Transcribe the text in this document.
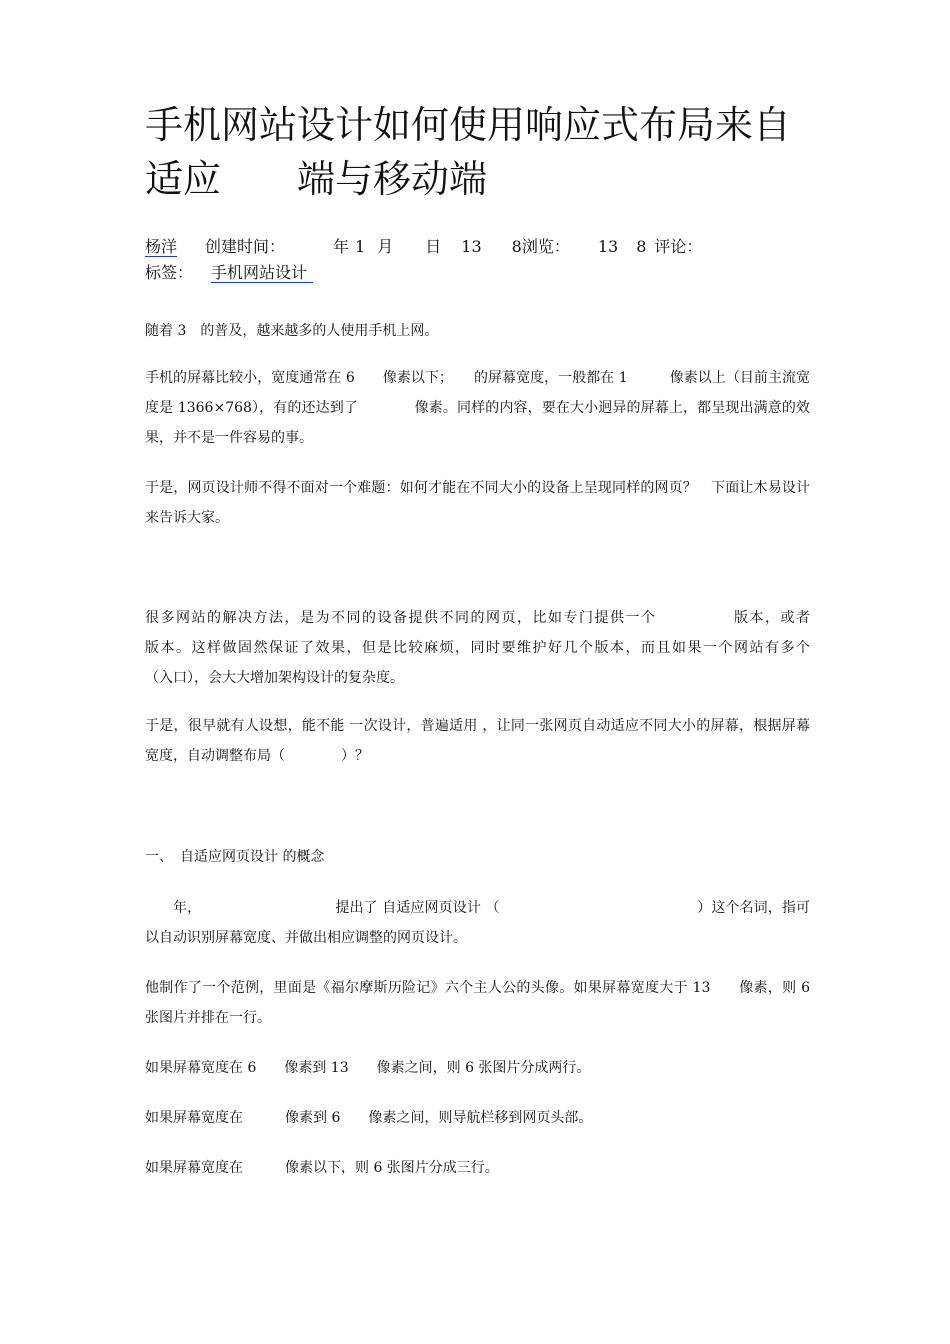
手机网站设计如何使用响应式布局来自适应　　端与移动端
杨洋 创建时间：	年 1 月 日 13 8浏览： 13 8 评论：
标签： 手机网站设计

随着 3　的普及，越来越多的人使用手机上网。

手机的屏幕比较小，宽度通常在 6　　像素以下；　　的屏幕宽度，一般都在 1　　　像素以上（目前主流宽度是 1366×768），有的还达到了　　　　像素。同样的内容，要在大小迥异的屏幕上，都呈现出满意的效果，并不是一件容易的事。

于是，网页设计师不得不面对一个难题：如何才能在不同大小的设备上呈现同样的网页？　下面让木易设计来告诉大家。

很多网站的解决方法，是为不同的设备提供不同的网页，比如专门提供一个　　　　　版本，或者　　　　　　　　版本。这样做固然保证了效果，但是比较麻烦，同时要维护好几个版本，而且如果一个网站有多个　　　　（入口），会大大增加架构设计的复杂度。

于是，很早就有人设想，能不能 一次设计，普遍适用 ，让同一张网页自动适应不同大小的屏幕，根据屏幕宽度，自动调整布局（　　　　）？

一、　自适应网页设计 的概念

年，　　　　　　　　　　提出了 自适应网页设计 （　　　　　　　　　　　　　　）这个名词，指可以自动识别屏幕宽度、并做出相应调整的网页设计。

他制作了一个范例，里面是《福尔摩斯历险记》六个主人公的头像。如果屏幕宽度大于 13　　像素，则 6 张图片并排在一行。

如果屏幕宽度在 6　　像素到 13　　像素之间，则 6 张图片分成两行。

如果屏幕宽度在　　　像素到 6　　像素之间，则导航栏移到网页头部。

如果屏幕宽度在　　　像素以下，则 6 张图片分成三行。
